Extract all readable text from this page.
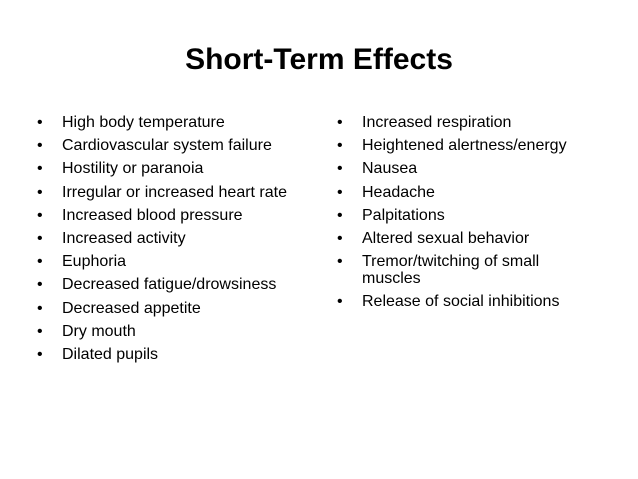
Short-Term Effects
• High body temperature
• Cardiovascular system failure
• Hostility or paranoia
• Irregular or increased heart rate
• Increased blood pressure
• Increased activity
• Euphoria
• Decreased fatigue/drowsiness
• Decreased appetite
• Dry mouth
• Dilated pupils
• Increased respiration
• Heightened alertness/energy
• Nausea
• Headache
• Palpitations
• Altered sexual behavior
• Tremor/twitching of small muscles
• Release of social inhibitions
